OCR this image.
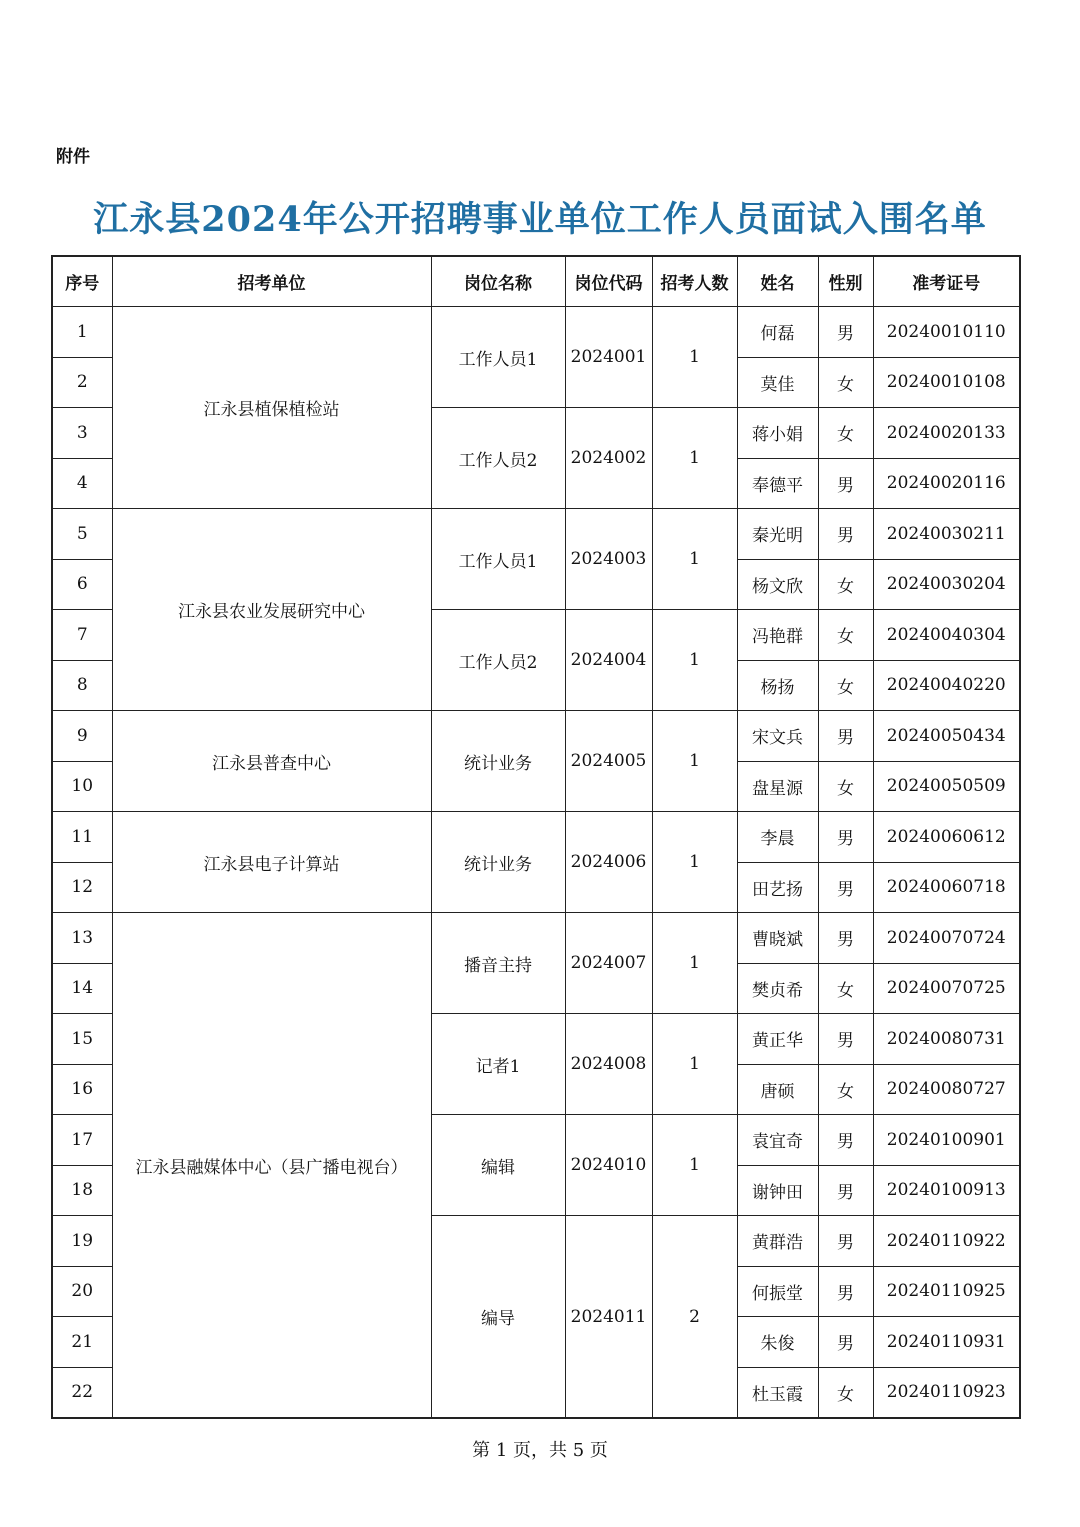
附件
江永县2024年公开招聘事业单位工作人员面试入围名单
序号	招考单位	岗位名称	岗位代码	招考人数	姓名	性别	准考证号
1	江永县植保植检站	工作人员1	2024001	1	何磊	男	20240010110
2					莫佳	女	20240010108
3		工作人员2	2024002	1	蒋小娟	女	20240020133
4					奉德平	男	20240020116
5	江永县农业发展研究中心	工作人员1	2024003	1	秦光明	男	20240030211
6					杨文欣	女	20240030204
7		工作人员2	2024004	1	冯艳群	女	20240040304
8					杨扬	女	20240040220
9	江永县普查中心	统计业务	2024005	1	宋文兵	男	20240050434
10					盘星源	女	20240050509
11	江永县电子计算站	统计业务	2024006	1	李晨	男	20240060612
12					田艺扬	男	20240060718
13	江永县融媒体中心（县广播电视台）	播音主持	2024007	1	曹晓斌	男	20240070724
14					樊贞希	女	20240070725
15		记者1	2024008	1	黄正华	男	20240080731
16					唐硕	女	20240080727
17		编辑	2024010	1	袁宜奇	男	20240100901
18					谢钟田	男	20240100913
19		编导	2024011	2	黄群浩	男	20240110922
20					何振堂	男	20240110925
21					朱俊	男	20240110931
22					杜玉霞	女	20240110923
第 1 页，共 5 页
